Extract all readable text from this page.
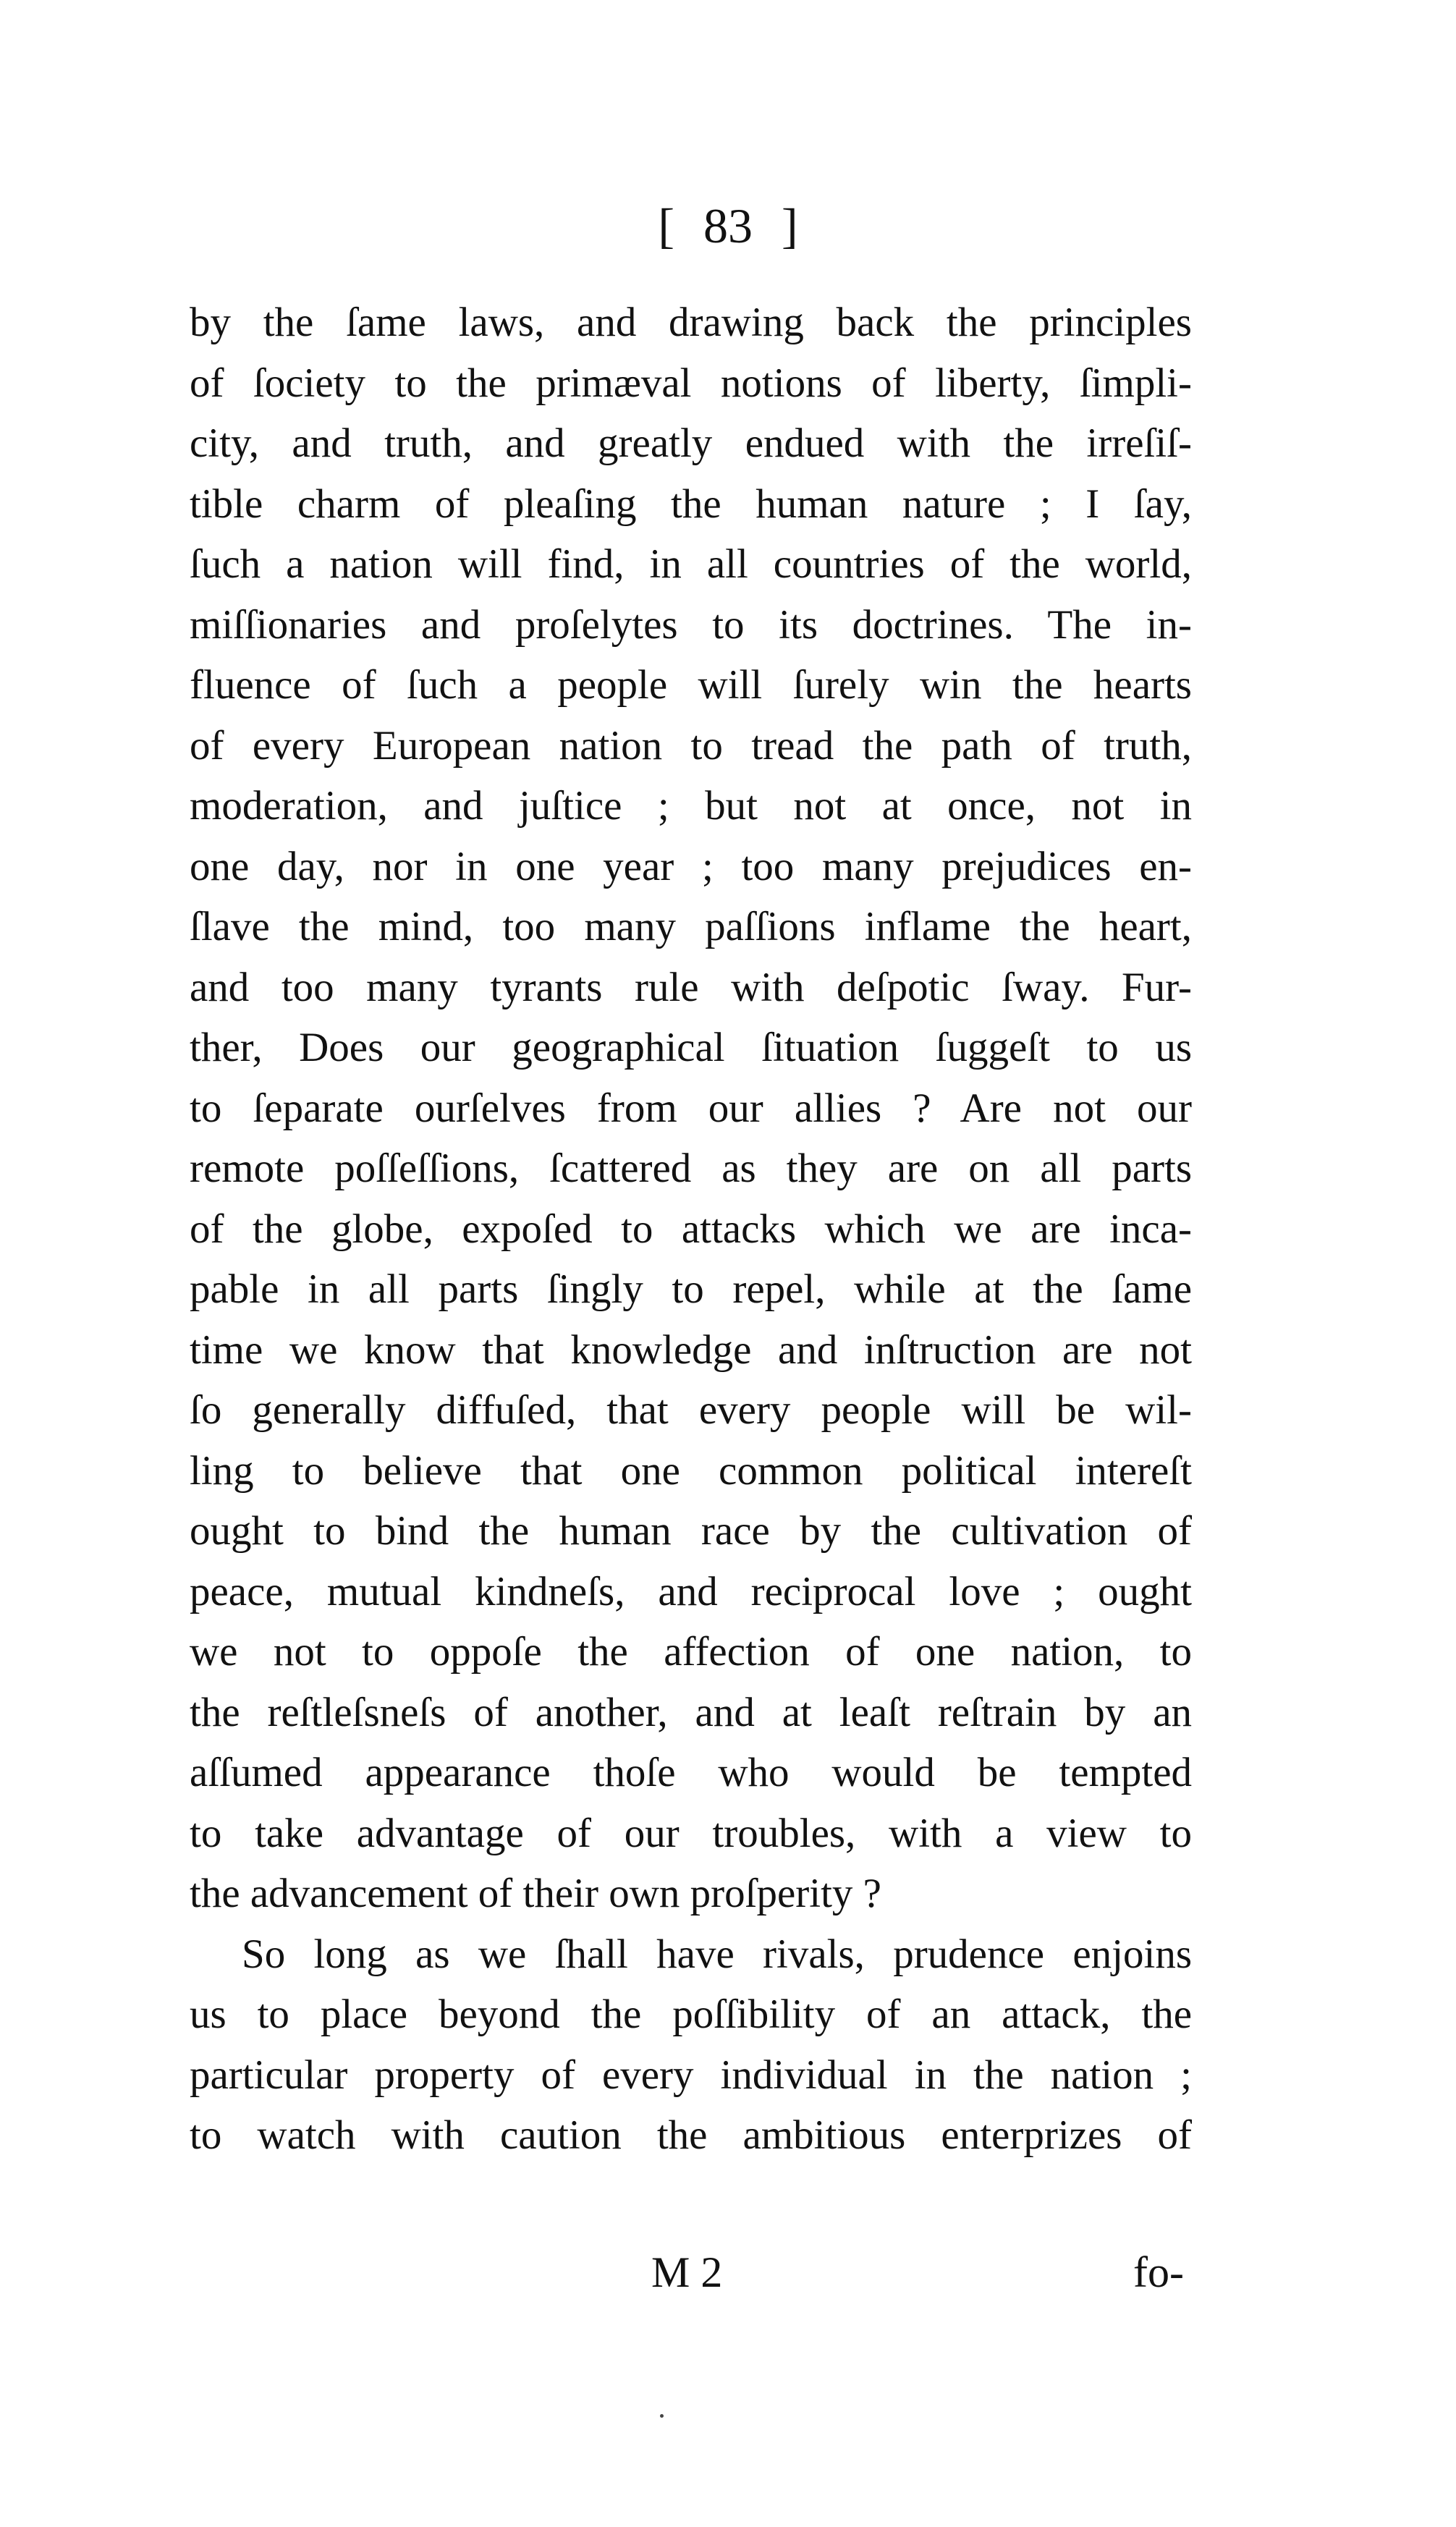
[ 83 ]
by the ſame laws, and drawing back the principles
of ſociety to the primæval notions of liberty, ſimpli-
city, and truth, and greatly endued with the irreſiſ-
tible charm of pleaſing the human nature ; I ſay,
ſuch a nation will find, in all countries of the world,
miſſionaries and proſelytes to its doctrines. The in-
fluence of ſuch a people will ſurely win the hearts
of every European nation to tread the path of truth,
moderation, and juſtice ; but not at once, not in
one day, nor in one year ; too many prejudices en-
ſlave the mind, too many paſſions inflame the heart,
and too many tyrants rule with deſpotic ſway. Fur-
ther, Does our geographical ſituation ſuggeſt to us
to ſeparate ourſelves from our allies ? Are not our
remote poſſeſſions, ſcattered as they are on all parts
of the globe, expoſed to attacks which we are inca-
pable in all parts ſingly to repel, while at the ſame
time we know that knowledge and inſtruction are not
ſo generally diffuſed, that every people will be wil-
ling to believe that one common political intereſt
ought to bind the human race by the cultivation of
peace, mutual kindneſs, and reciprocal love ; ought
we not to oppoſe the affection of one nation, to
the reſtleſsneſs of another, and at leaſt reſtrain by an
aſſumed appearance thoſe who would be tempted
to take advantage of our troubles, with a view to
the advancement of their own proſperity ?
So long as we ſhall have rivals, prudence enjoins
us to place beyond the poſſibility of an attack, the
particular property of every individual in the nation ;
to watch with caution the ambitious enterprizes of
M 2	fo-
